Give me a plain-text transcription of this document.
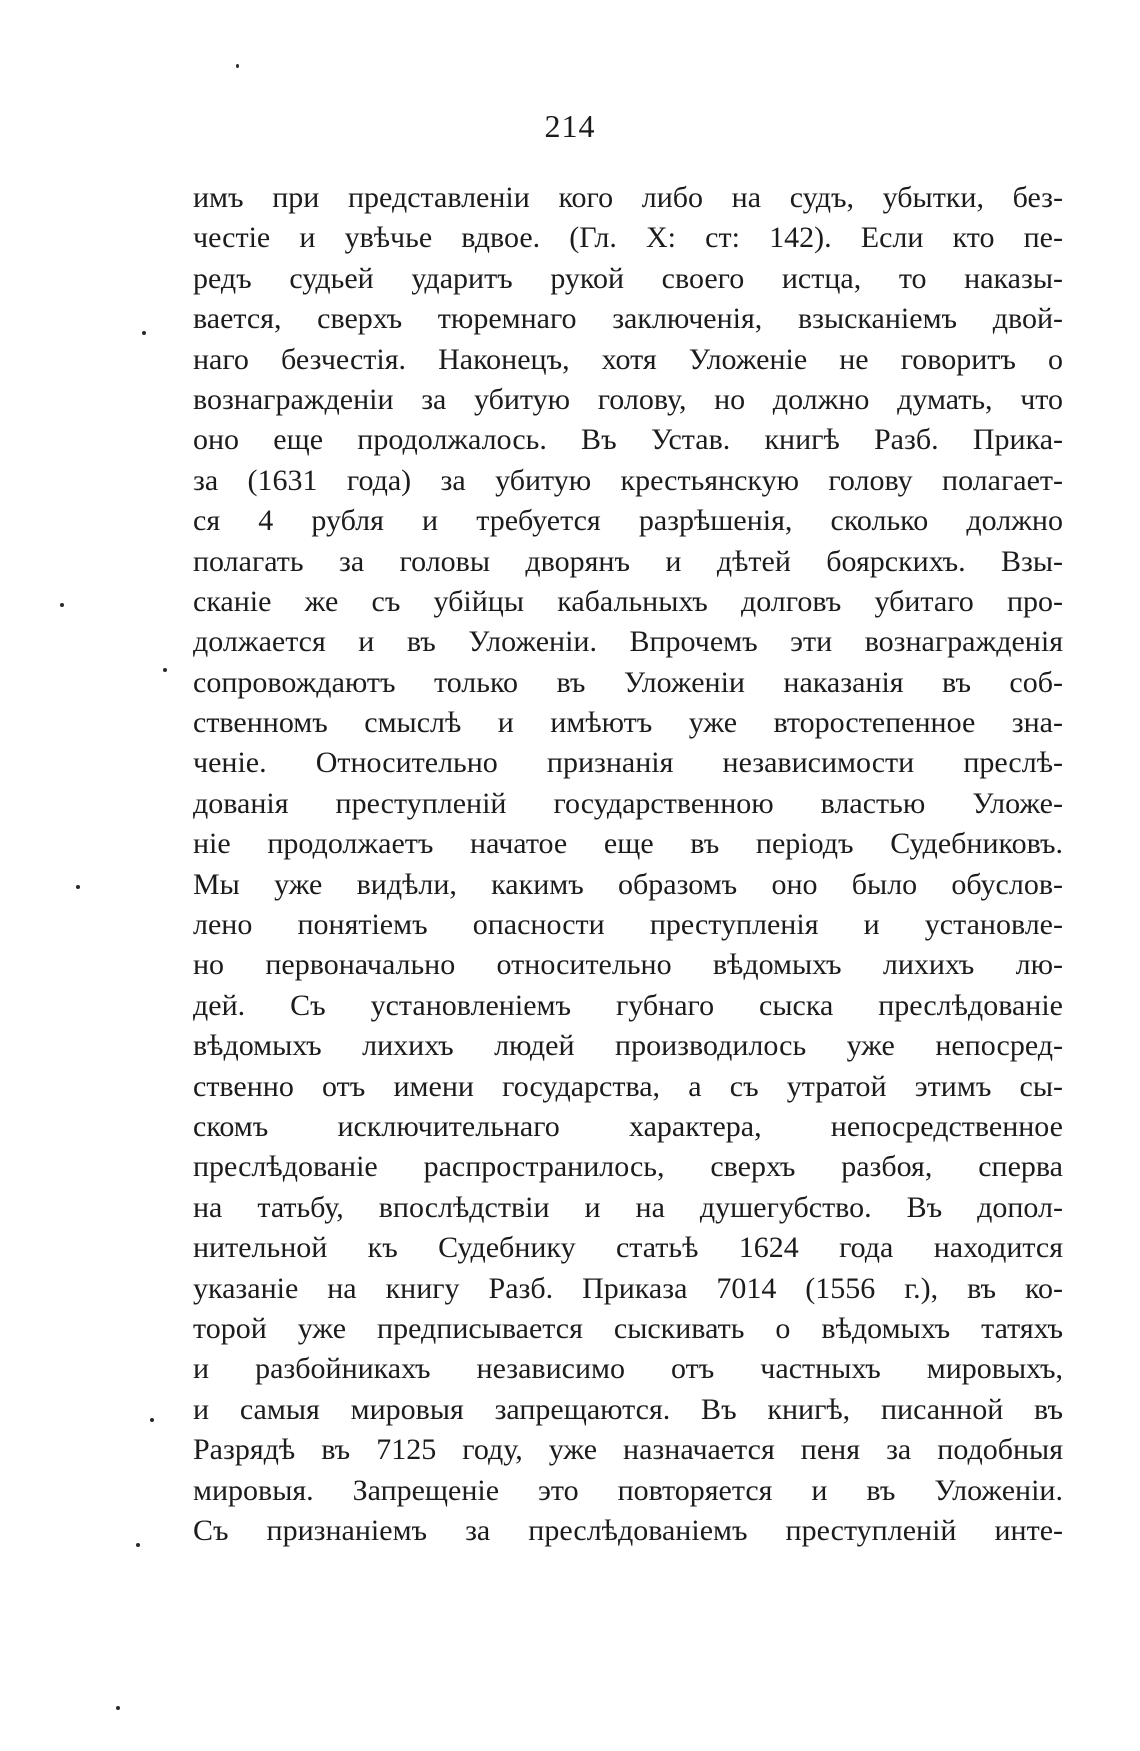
214
имъ при представленіи кого либо на судъ, убытки, без-
честіе и увѣчье вдвое. (Гл. X: ст: 142). Если кто пе-
редъ судьей ударитъ рукой своего истца, то наказы-
вается, сверхъ тюремнаго заключенія, взысканіемъ двой-
наго безчестія. Наконецъ, хотя Уложеніе не говоритъ о
вознагражденіи за убитую голову, но должно думать, что
оно еще продолжалось. Въ Устав. книгѣ Разб. Прика-
за (1631 года) за убитую крестьянскую голову полагает-
ся 4 рубля и требуется разрѣшенія, сколько должно
полагать за головы дворянъ и дѣтей боярскихъ. Взы-
сканіе же съ убійцы кабальныхъ долговъ убитаго про-
должается и въ Уложеніи. Впрочемъ эти вознагражденія
сопровождаютъ только въ Уложеніи наказанія въ соб-
ственномъ смыслѣ и имѣютъ уже второстепенное зна-
ченіе. Относительно признанія независимости преслѣ-
дованія преступленій государственною властью Уложе-
ніе продолжаетъ начатое еще въ періодъ Судебниковъ.
Мы уже видѣли, какимъ образомъ оно было обуслов-
лено понятіемъ опасности преступленія и установле-
но первоначально относительно вѣдомыхъ лихихъ лю-
дей. Съ установленіемъ губнаго сыска преслѣдованіе
вѣдомыхъ лихихъ людей производилось уже непосред-
ственно отъ имени государства, а съ утратой этимъ сы-
скомъ исключительнаго характера, непосредственное
преслѣдованіе распространилось, сверхъ разбоя, сперва
на татьбу, впослѣдствіи и на душегубство. Въ допол-
нительной къ Судебнику статьѣ 1624 года находится
указаніе на книгу Разб. Приказа 7014 (1556 г.), въ ко-
торой уже предписывается сыскивать о вѣдомыхъ татяхъ
и разбойникахъ независимо отъ частныхъ мировыхъ,
и самыя мировыя запрещаются. Въ книгѣ, писанной въ
Разрядѣ въ 7125 году, уже назначается пеня за подобныя
мировыя. Запрещеніе это повторяется и въ Уложеніи.
Съ признаніемъ за преслѣдованіемъ преступленій инте-
